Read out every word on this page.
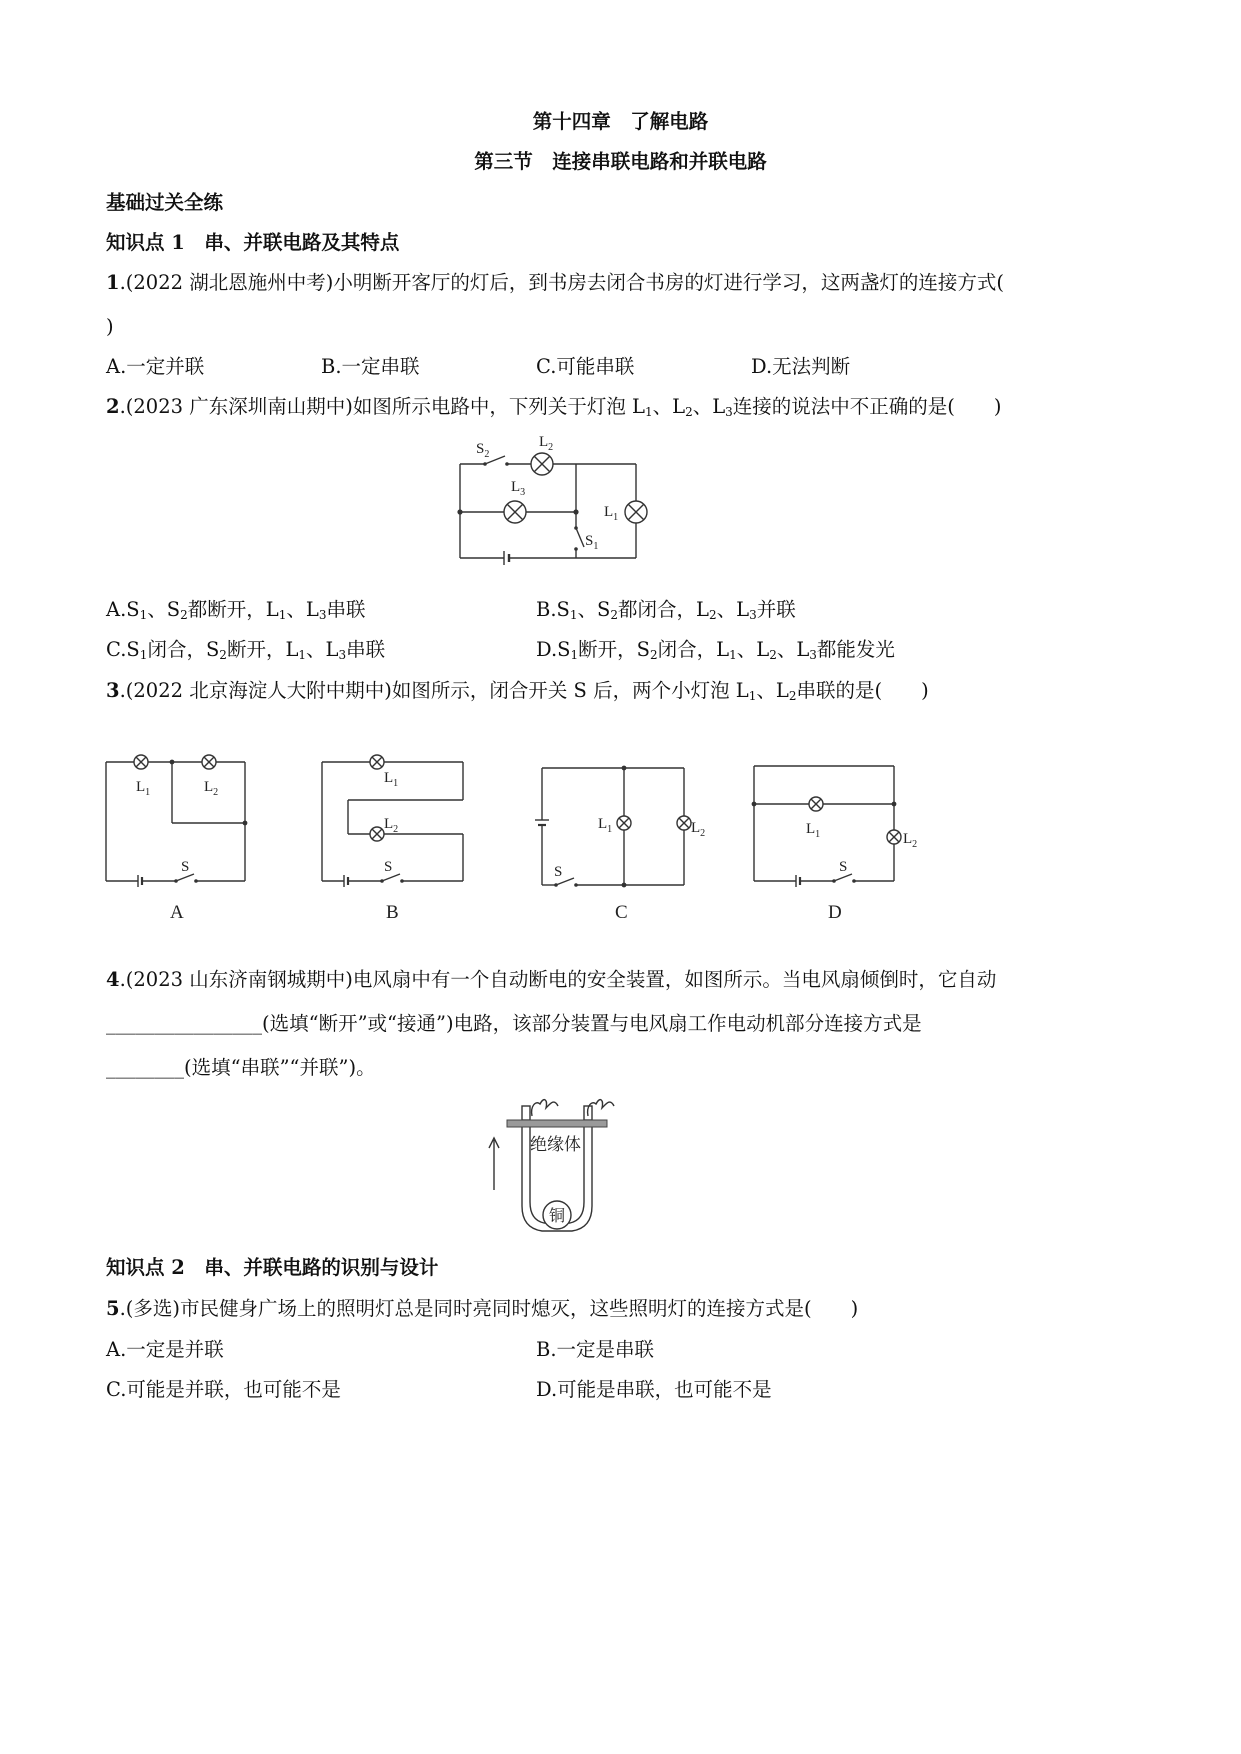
第十四章　了解电路
第三节　连接串联电路和并联电路
基础过关全练
知识点 1　 串、并联电路及其特点
1.(2022 湖北恩施州中考)小明断开客厅的灯后，到书房去闭合书房的灯进行学习，这两盏灯的连接方式(
)
A.一定并联	B.一定串联	C.可能串联	D.无法判断
2.(2023 广东深圳南山期中)如图所示电路中，下列关于灯泡 $L_1$、$L_2$、$L_3$连接的说法中不正确的是(　　)
$S_2$
$L_2$
$L_3$
$L_1$
$S_1$
$A.S_1$、$S_2$都断开，$L_1$、$L_3$串联	$B.S_1$、$S_2$都闭合，$L_2$、$L_3$并联
$C.S_1$闭合，$S_2$断开，$L_1$、$L_3$串联	$D.S_1$断开，$S_2$闭合，$L_1$、$L_2$、$L_3$都能发光
3.(2022 北京海淀人大附中期中)如图所示，闭合开关 S 后，两个小灯泡 $L_1$、$L_2$串联的是(　　)
$L_1$	$L_2$
S
A
$L_1$
$L_2$
S
B
$L_1$	$L_2$
S
C
$L_1$	$L_2$
S
D
4.(2023 山东济南钢城期中)电风扇中有一个自动断电的安全装置，如图所示。当电风扇倾倒时，它自动
________________(选填“断开”或“接通”)电路，该部分装置与电风扇工作电动机部分连接方式是
________(选填“串联”“并联”)。
绝缘体
铜
知识点 2　 串、并联电路的识别与设计
5.(多选)市民健身广场上的照明灯总是同时亮同时熄灭，这些照明灯的连接方式是(　　)
A.一定是并联	B.一定是串联
C.可能是并联，也可能不是	D.可能是串联，也可能不是
